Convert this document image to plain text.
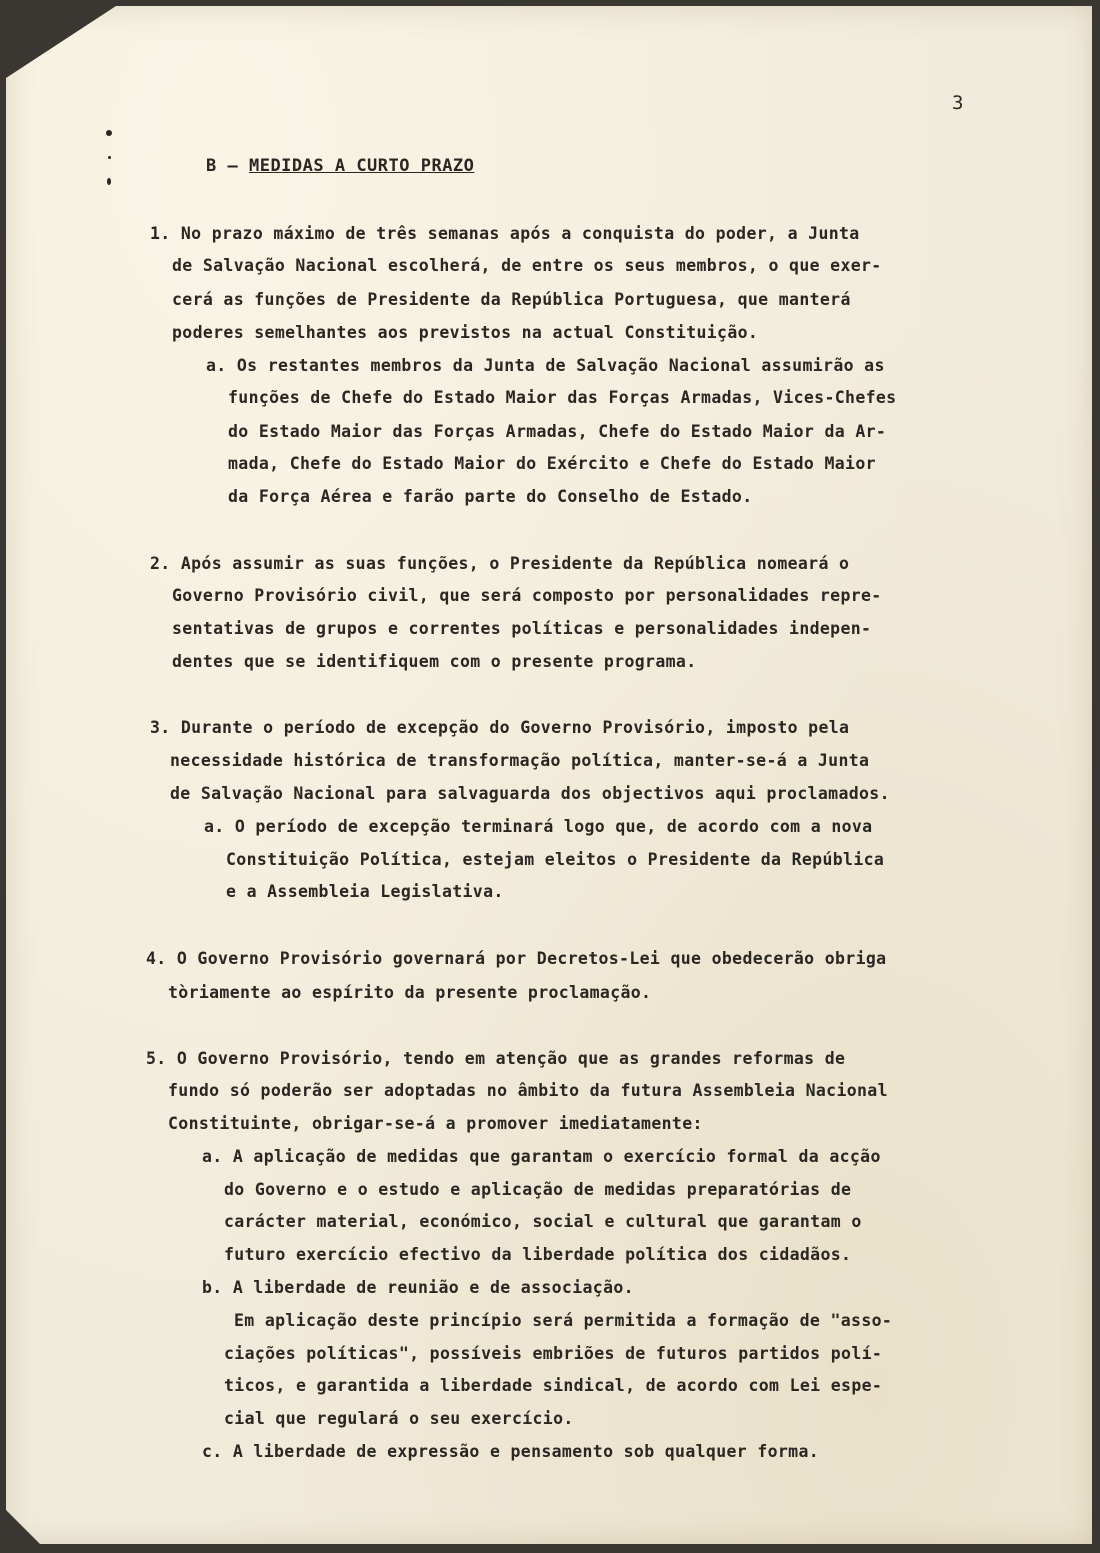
3
B – MEDIDAS A CURTO PRAZO
1. No prazo máximo de três semanas após a conquista do poder, a Junta
de Salvação Nacional escolherá, de entre os seus membros, o que exer-
cerá as funções de Presidente da República Portuguesa, que manterá
poderes semelhantes aos previstos na actual Constituição.
a. Os restantes membros da Junta de Salvação Nacional assumirão as
funções de Chefe do Estado Maior das Forças Armadas, Vices-Chefes
do Estado Maior das Forças Armadas, Chefe do Estado Maior da Ar-
mada, Chefe do Estado Maior do Exército e Chefe do Estado Maior
da Força Aérea e farão parte do Conselho de Estado.
2. Após assumir as suas funções, o Presidente da República nomeará o
Governo Provisório civil, que será composto por personalidades repre-
sentativas de grupos e correntes políticas e personalidades indepen-
dentes que se identifiquem com o presente programa.
3. Durante o período de excepção do Governo Provisório, imposto pela
necessidade histórica de transformação política, manter-se-á a Junta
de Salvação Nacional para salvaguarda dos objectivos aqui proclamados.
a. O período de excepção terminará logo que, de acordo com a nova
Constituição Política, estejam eleitos o Presidente da República
e a Assembleia Legislativa.
4. O Governo Provisório governará por Decretos-Lei que obedecerão obriga
tòriamente ao espírito da presente proclamação.
5. O Governo Provisório, tendo em atenção que as grandes reformas de
fundo só poderão ser adoptadas no âmbito da futura Assembleia Nacional
Constituinte, obrigar-se-á a promover imediatamente:
a. A aplicação de medidas que garantam o exercício formal da acção
do Governo e o estudo e aplicação de medidas preparatórias de
carácter material, económico, social e cultural que garantam o
futuro exercício efectivo da liberdade política dos cidadãos.
b. A liberdade de reunião e de associação.
Em aplicação deste princípio será permitida a formação de "asso-
ciações políticas", possíveis embriões de futuros partidos polí-
ticos, e garantida a liberdade sindical, de acordo com Lei espe-
cial que regulará o seu exercício.
c. A liberdade de expressão e pensamento sob qualquer forma.
